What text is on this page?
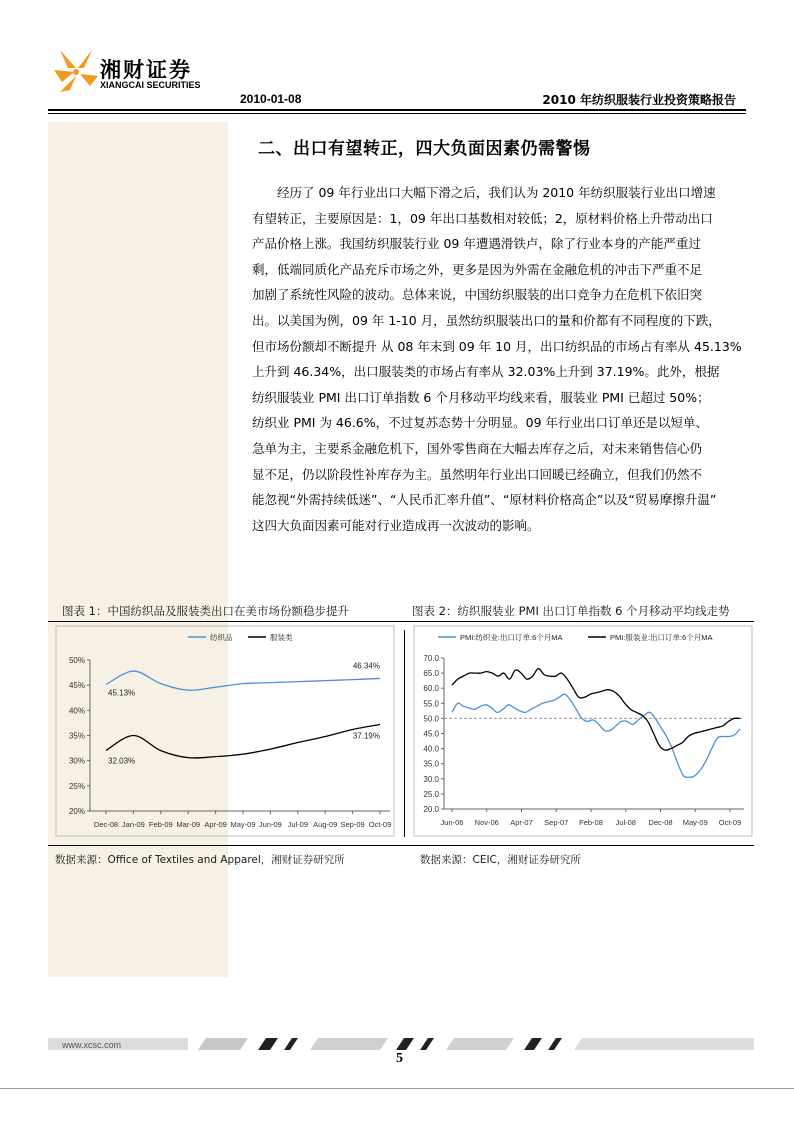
湘财证券
XIANGCAI SECURITIES
2010-01-08	2010 年纺织服装行业投资策略报告
二、出口有望转正，四大负面因素仍需警惕
　　经历了 09 年行业出口大幅下滑之后，我们认为 2010 年纺织服装行业出口增速
有望转正，主要原因是：1，09 年出口基数相对较低；2，原材料价格上升带动出口
产品价格上涨。我国纺织服装行业 09 年遭遇滑铁卢，除了行业本身的产能严重过
剩，低端同质化产品充斥市场之外，更多是因为外需在金融危机的冲击下严重不足
加剧了系统性风险的波动。总体来说，中国纺织服装的出口竞争力在危机下依旧突
出。以美国为例，09 年 1-10 月，虽然纺织服装出口的量和价都有不同程度的下跌，
但市场份额却不断提升 从 08 年末到 09 年 10 月，出口纺织品的市场占有率从 45.13%
上升到 46.34%，出口服装类的市场占有率从 32.03%上升到 37.19%。此外，根据
纺织服装业 PMI 出口订单指数 6 个月移动平均线来看，服装业 PMI 已超过 50%；
纺织业 PMI 为 46.6%，不过复苏态势十分明显。09 年行业出口订单还是以短单、
急单为主，主要系金融危机下，国外零售商在大幅去库存之后，对未来销售信心仍
显不足，仍以阶段性补库存为主。虽然明年行业出口回暖已经确立，但我们仍然不
能忽视“外需持续低迷”、“人民币汇率升值”、“原材料价格高企”以及“贸易摩擦升温”
这四大负面因素可能对行业造成再一次波动的影响。
图表 1：中国纺织品及服装类出口在美市场份额稳步提升	图表 2：纺织服装业 PMI 出口订单指数 6 个月移动平均线走势
20%
25%
30%
35%
40%
45%
50%
Dec-08 Jan-09 Feb-09 Mar-09 Apr-09 May-09 Jun-09 Jul-09 Aug-09 Sep-09 Oct-09
45.13%
46.34%
32.03%
37.19%
纺织品	服装类
20.0
25.0
30.0
35.0
40.0
45.0
50.0
55.0
60.0
65.0
70.0
Jun-06 Nov-06 Apr-07 Sep-07 Feb-08 Jul-08 Dec-08 May-09 Oct-09
PMI:纺织业:出口订单:6个月MA	PMI:服装业:出口订单:6个月MA
数据来源：Office of Textiles and Apparel，湘财证券研究所	数据来源：CEIC，湘财证券研究所
www.xcsc.com
5
